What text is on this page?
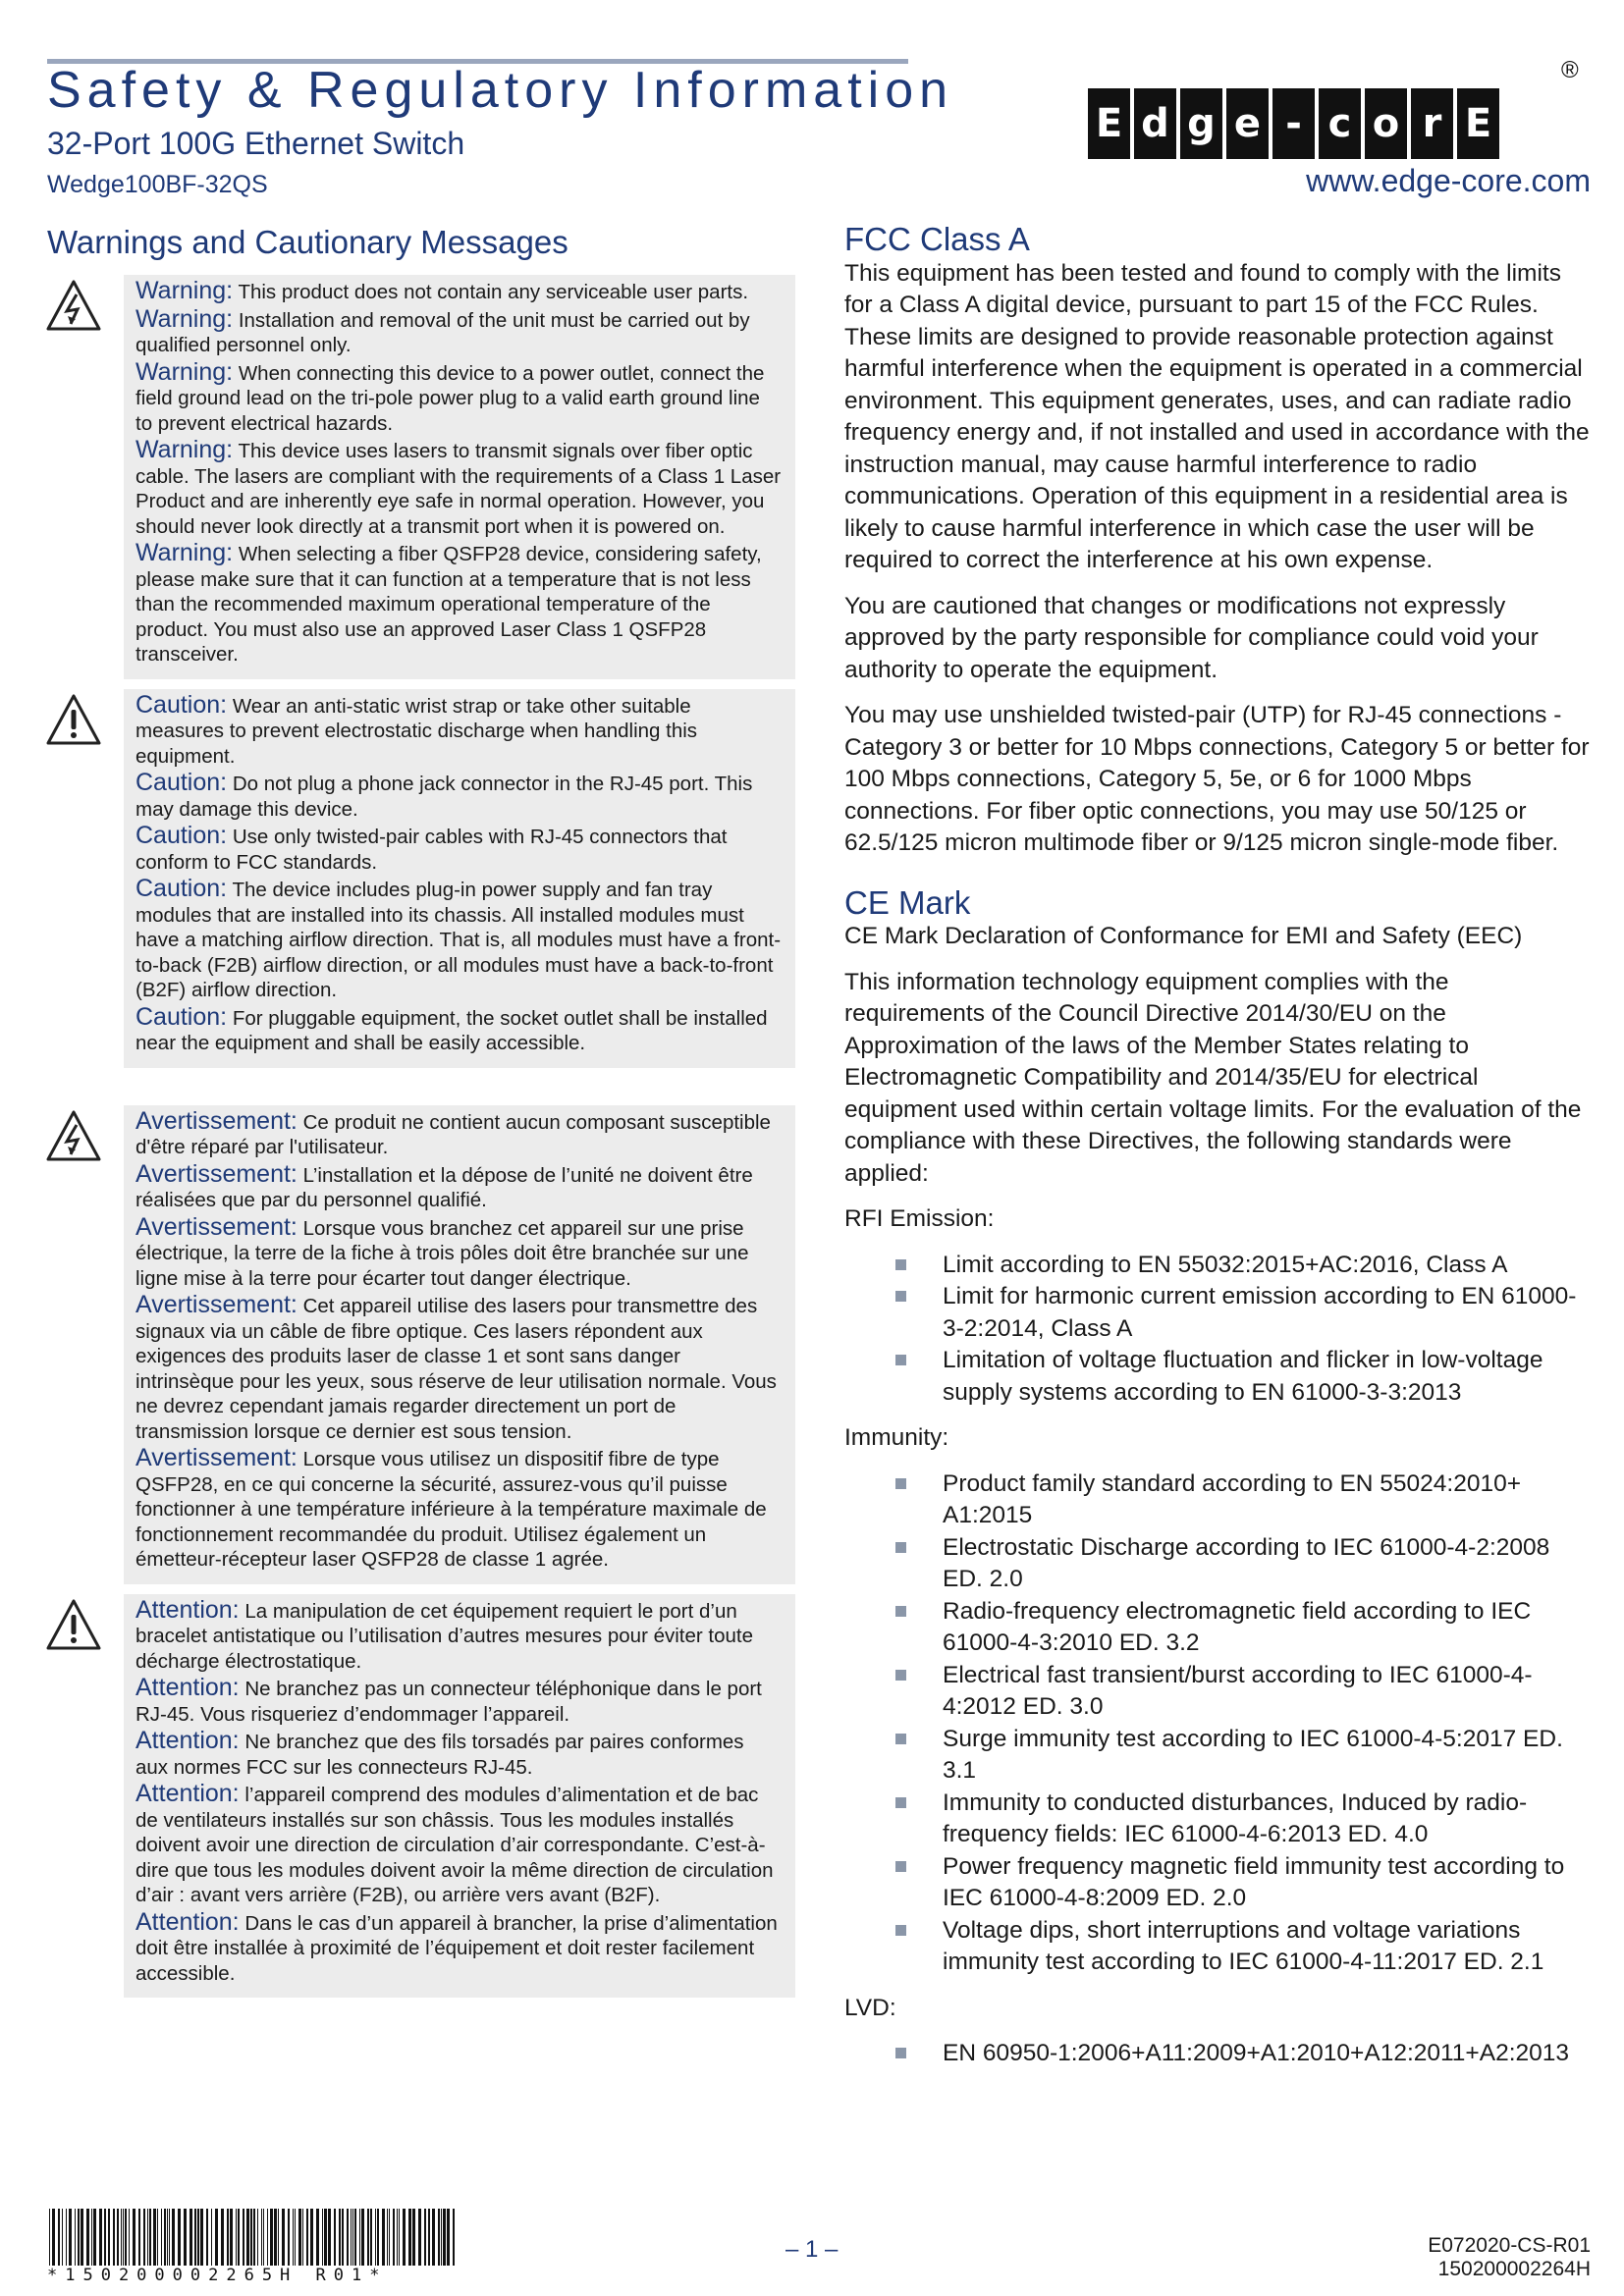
Safety & Regulatory Information
32-Port 100G Ethernet Switch
Wedge100BF-32QS
E d g e - c o r E
®
www.edge-core.com
Warnings and Cautionary Messages

Warning: This product does not contain any serviceable user parts.

Warning: Installation and removal of the unit must be carried out by qualified personnel only.

Warning: When connecting this device to a power outlet, connect the field ground lead on the tri-pole power plug to a valid earth ground line to prevent electrical hazards.

Warning: This device uses lasers to transmit signals over fiber optic cable. The lasers are compliant with the requirements of a Class 1 Laser Product and are inherently eye safe in normal operation. However, you should never look directly at a transmit port when it is powered on.

Warning: When selecting a fiber QSFP28 device, considering safety, please make sure that it can function at a temperature that is not less than the recommended maximum operational temperature of the product. You must also use an approved Laser Class 1 QSFP28 transceiver.

Caution: Wear an anti-static wrist strap or take other suitable measures to prevent electrostatic discharge when handling this equipment.

Caution: Do not plug a phone jack connector in the RJ-45 port. This may damage this device.

Caution: Use only twisted-pair cables with RJ-45 connectors that conform to FCC standards.

Caution: The device includes plug-in power supply and fan tray modules that are installed into its chassis. All installed modules must have a matching airflow direction. That is, all modules must have a front-to-back (F2B) airflow direction, or all modules must have a back-to-front (B2F) airflow direction.

Caution: For pluggable equipment, the socket outlet shall be installed near the equipment and shall be easily accessible.

Avertissement: Ce produit ne contient aucun composant susceptible d'être réparé par l'utilisateur.

Avertissement: L’installation et la dépose de l’unité ne doivent être réalisées que par du personnel qualifié.

Avertissement: Lorsque vous branchez cet appareil sur une prise électrique, la terre de la fiche à trois pôles doit être branchée sur une ligne mise à la terre pour écarter tout danger électrique.

Avertissement: Cet appareil utilise des lasers pour transmettre des signaux via un câble de fibre optique. Ces lasers répondent aux exigences des produits laser de classe 1 et sont sans danger intrinsèque pour les yeux, sous réserve de leur utilisation normale. Vous ne devrez cependant jamais regarder directement un port de transmission lorsque ce dernier est sous tension.

Avertissement: Lorsque vous utilisez un dispositif fibre de type QSFP28, en ce qui concerne la sécurité, assurez-vous qu’il puisse fonctionner à une température inférieure à la température maximale de fonctionnement recommandée du produit. Utilisez également un émetteur-récepteur laser QSFP28 de classe 1 agrée.

Attention: La manipulation de cet équipement requiert le port d’un bracelet antistatique ou l’utilisation d’autres mesures pour éviter toute décharge électrostatique.

Attention: Ne branchez pas un connecteur téléphonique dans le port RJ-45. Vous risqueriez d’endommager l’appareil.

Attention: Ne branchez que des fils torsadés par paires conformes aux normes FCC sur les connecteurs RJ-45.

Attention: l’appareil comprend des modules d’alimentation et de bac de ventilateurs installés sur son châssis. Tous les modules installés doivent avoir une direction de circulation d’air correspondante. C’est-à-dire que tous les modules doivent avoir la même direction de circulation d’air : avant vers arrière (F2B), ou arrière vers avant (B2F).

Attention: Dans le cas d’un appareil à brancher, la prise d’alimentation doit être installée à proximité de l’équipement et doit rester facilement accessible.

FCC Class A

This equipment has been tested and found to comply with the limits for a Class A digital device, pursuant to part 15 of the FCC Rules. These limits are designed to provide reasonable protection against harmful interference when the equipment is operated in a commercial environment. This equipment generates, uses, and can radiate radio frequency energy and, if not installed and used in accordance with the instruction manual, may cause harmful interference to radio communications. Operation of this equipment in a residential area is likely to cause harmful interference in which case the user will be required to correct the interference at his own expense.

You are cautioned that changes or modifications not expressly approved by the party responsible for compliance could void your authority to operate the equipment.

You may use unshielded twisted-pair (UTP) for RJ-45 connections - Category 3 or better for 10 Mbps connections, Category 5 or better for 100 Mbps connections, Category 5, 5e, or 6 for 1000 Mbps connections. For fiber optic connections, you may use 50/125 or 62.5/125 micron multimode fiber or 9/125 micron single-mode fiber.

CE Mark

CE Mark Declaration of Conformance for EMI and Safety (EEC)

This information technology equipment complies with the requirements of the Council Directive 2014/30/EU on the Approximation of the laws of the Member States relating to Electromagnetic Compatibility and 2014/35/EU for electrical equipment used within certain voltage limits. For the evaluation of the compliance with these Directives, the following standards were applied:

RFI Emission:

Limit according to EN 55032:2015+AC:2016, Class A
Limit for harmonic current emission according to EN 61000-3-2:2014, Class A
Limitation of voltage fluctuation and flicker in low-voltage supply systems according to EN 61000-3-3:2013

Immunity:

Product family standard according to EN 55024:2010+ A1:2015
Electrostatic Discharge according to IEC 61000-4-2:2008 ED. 2.0
Radio-frequency electromagnetic field according to IEC 61000-4-3:2010 ED. 3.2
Electrical fast transient/burst according to IEC 61000-4-4:2012 ED. 3.0
Surge immunity test according to IEC 61000-4-5:2017 ED. 3.1
Immunity to conducted disturbances, Induced by radio-frequency fields: IEC 61000-4-6:2013 ED. 4.0
Power frequency magnetic field immunity test according to IEC 61000-4-8:2009 ED. 2.0
Voltage dips, short interruptions and voltage variations immunity test according to IEC 61000-4-11:2017 ED. 2.1

LVD:

EN 60950-1:2006+A11:2009+A1:2010+A12:2011+A2:2013
*150200002265H R01*
– 1 –	E072020-CS-R01
150200002264H
